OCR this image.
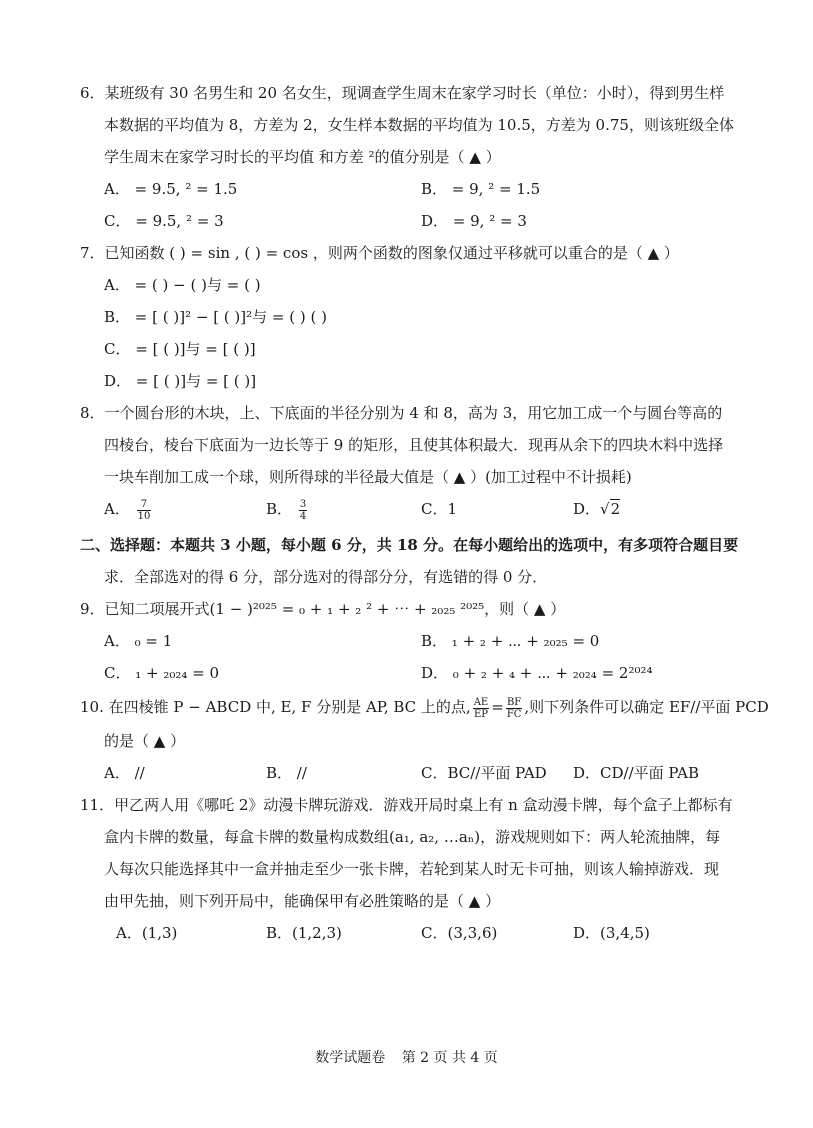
6．某班级有 30 名男生和 20 名女生，现调查学生周末在家学习时长（单位：小时），得到男生样
本数据的平均值为 8，方差为 2，女生样本数据的平均值为 10.5，方差为 0.75，则该班级全体
学生周末在家学习时长的平均值 和方差 ²的值分别是（ ▲ ）
A． = 9.5, ² = 1.5	B． = 9, ² = 1.5
C． = 9.5, ² = 3	D． = 9, ² = 3
7．已知函数 ( ) = sin , ( ) = cos ，则两个函数的图象仅通过平移就可以重合的是（ ▲ ）
A． = ( ) − ( )与 = ( )
B． = [ ( )]² − [ ( )]²与 = ( ) ( )
C． = [ ( )]与 = [ ( )]
D． = [ ( )]与 = [ ( )]
8．一个圆台形的木块，上、下底面的半径分别为 4 和 8，高为 3，用它加工成一个与圆台等高的
四棱台，棱台下底面为一边长等于 9 的矩形，且使其体积最大．现再从余下的四块木料中选择
一块车削加工成一个球，则所得球的半径最大值是（ ▲ ）(加工过程中不计损耗)
A． $\frac{7}{10}$	B． $\frac{3}{4}$	C．1	D．√2
二、选择题：本题共 3 小题，每小题 6 分，共 18 分。在每小题给出的选项中，有多项符合题目要
求．全部选对的得 6 分，部分选对的得部分分，有选错的得 0 分．
9．已知二项展开式(1 − )²⁰²⁵ = ₀ + ₁ + ₂ ² + ⋯ + ₂₀₂₅ ²⁰²⁵，则（ ▲ ）
A． ₀ = 1	B． ₁ + ₂ + ⋯ + ₂₀₂₅ = 0
C． ₁ + ₂₀₂₄ = 0	D． ₀ + ₂ + ₄ + ⋯ + ₂₀₂₄ = 2²⁰²⁴
10. 在四棱锥 P − ABCD 中, E, F 分别是 AP, BC 上的点, $\frac{AE}{EP} = \frac{BF}{FC}$ ,则下列条件可以确定 EF//平面 PCD
的是（ ▲ ）
A． //	B． //	C．BC//平面 PAD D．CD//平面 PAB
11．甲乙两人用《哪吒 2》动漫卡牌玩游戏．游戏开局时桌上有 n 盒动漫卡牌，每个盒子上都标有
盒内卡牌的数量，每盒卡牌的数量构成数组(a₁, a₂, …aₙ)，游戏规则如下：两人轮流抽牌，每
人每次只能选择其中一盒并抽走至少一张卡牌，若轮到某人时无卡可抽，则该人输掉游戏．现
由甲先抽，则下列开局中，能确保甲有必胜策略的是（ ▲ ）
A．(1,3)	B．(1,2,3)	C．(3,3,6)	D．(3,4,5)
数学试题卷 第 2 页 共 4 页
